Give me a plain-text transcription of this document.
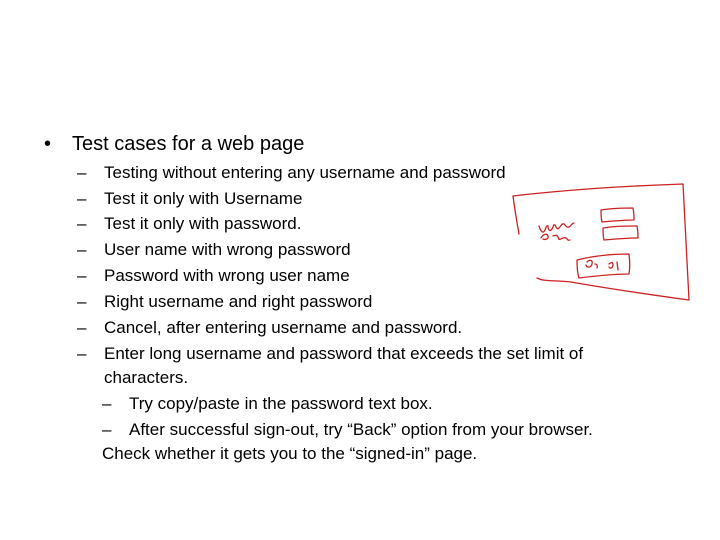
• Test cases for a web page
– Testing without entering any username and password
– Test it only with Username
– Test it only with password.
– User name with wrong password
– Password with wrong user name
– Right username and right password
– Cancel, after entering username and password.
– Enter long username and password that exceeds the set limit of
characters.
– Try copy/paste in the password text box.
– After successful sign-out, try “Back” option from your browser.
Check whether it gets you to the “signed-in” page.
